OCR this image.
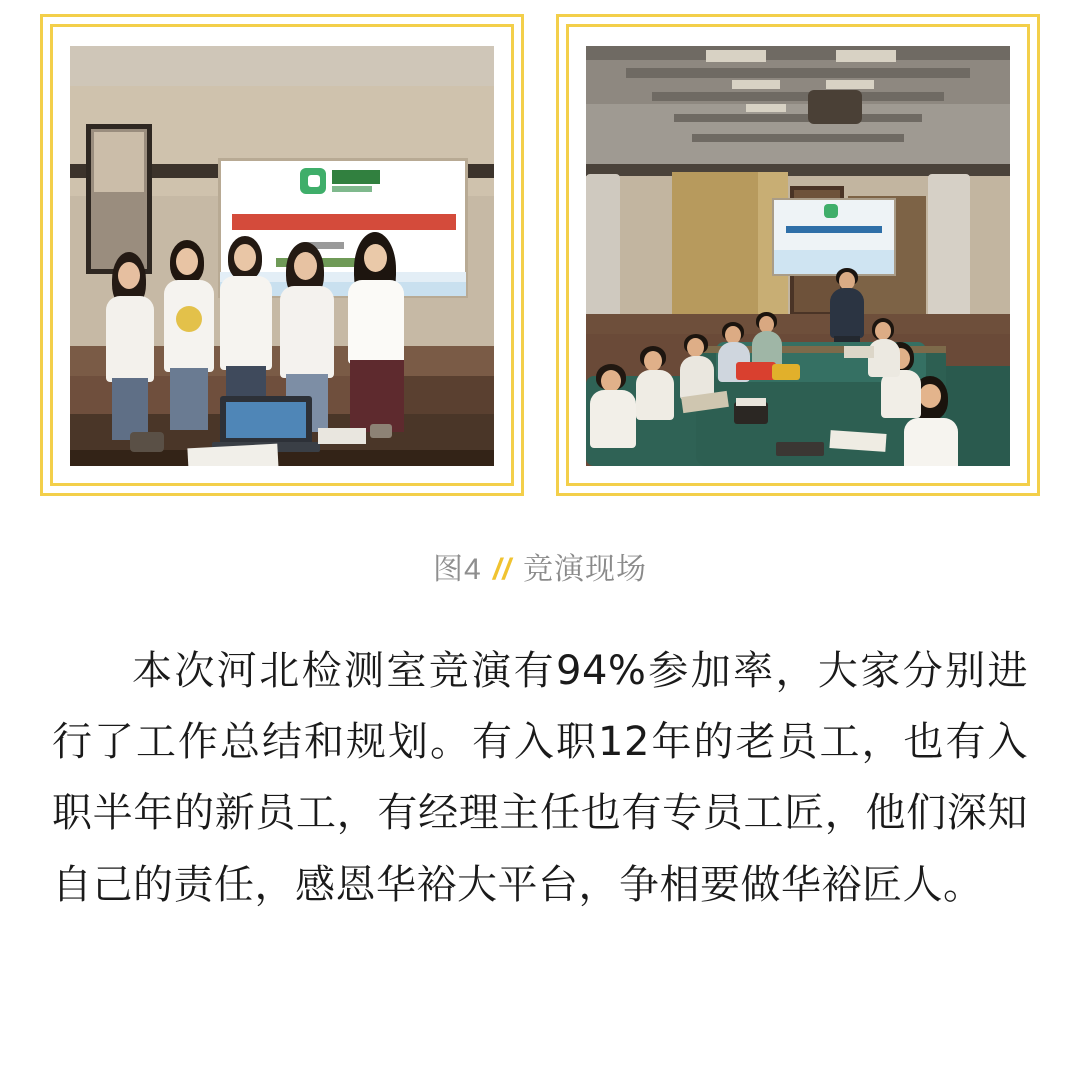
图4 // 竞演现场
本次河北检测室竞演有94%参加率，大家分别进行了工作总结和规划。有入职12年的老员工，也有入职半年的新员工，有经理主任也有专员工匠，他们深知自己的责任，感恩华裕大平台，争相要做华裕匠人。
